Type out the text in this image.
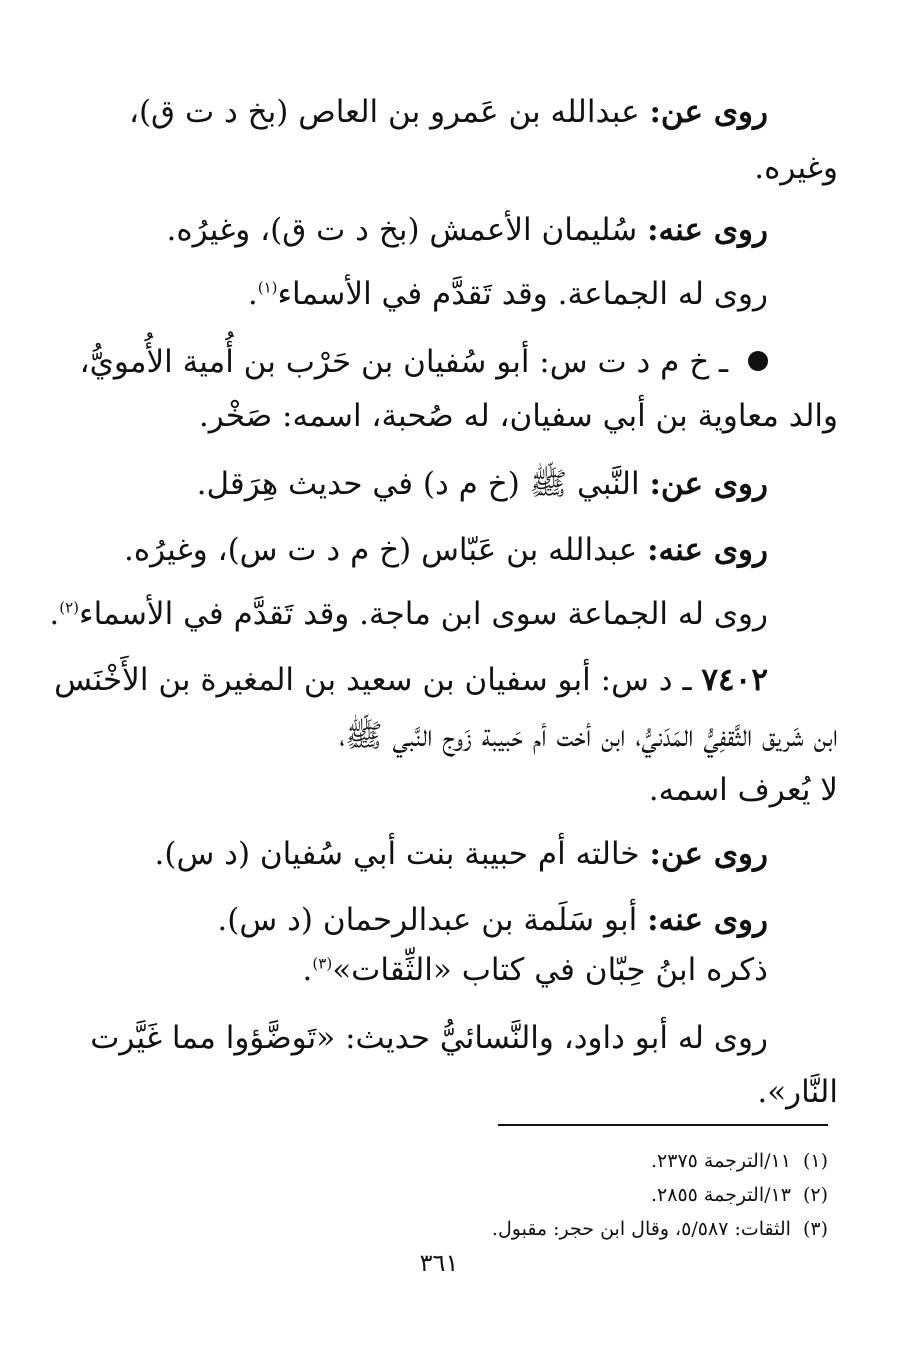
روى عن: عبدالله بن عَمرو بن العاص (بخ د ت ق)،
وغيره.
روى عنه: سُليمان الأعمش (بخ د ت ق)، وغيرُه.
روى له الجماعة. وقد تَقدَّم في الأسماء$^{(١)}$.
ـ خ م د ت س: أبو سُفيان بن حَرْب بن أُمية الأُمويُّ،
والد معاوية بن أبي سفيان، له صُحبة، اسمه: صَخْر.
روى عن: النَّبي ﷺ (خ م د) في حديث هِرَقل.
روى عنه: عبدالله بن عَبّاس (خ م د ت س)، وغيرُه.
روى له الجماعة سوى ابن ماجة. وقد تَقدَّم في الأسماء$^{(٢)}$.
٧٤٠٢ ـ د س: أبو سفيان بن سعيد بن المغيرة بن الأَخْنَس
ابن شَريق الثَّقفِيُّ المَدَنيُّ، ابن أخت أم حَبيبة زَوج النَّبي ﷺ،
لا يُعرف اسمه.
روى عن: خالته أم حبيبة بنت أبي سُفيان (د س).
روى عنه: أبو سَلَمة بن عبدالرحمان (د س).
ذكره ابنُ حِبّان في كتاب «الثِّقات»$^{(٣)}$.
روى له أبو داود، والنَّسائيُّ حديث: «تَوضَّؤوا مما غَيَّرت
النَّار».
(١)١١/الترجمة ٢٣٧٥.
(٢)١٣/الترجمة ٢٨٥٥.
(٣)الثقات: ٥/٥٨٧، وقال ابن حجر: مقبول.
٣٦١
